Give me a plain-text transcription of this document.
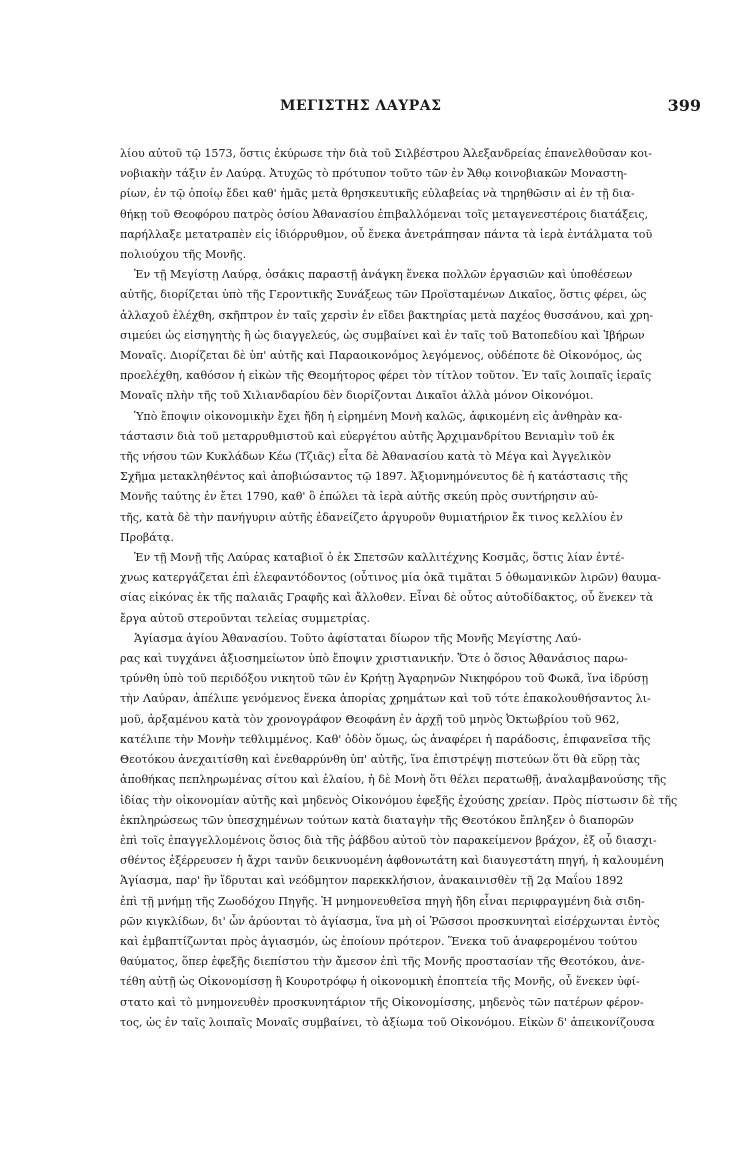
ΜΕΓΙΣΤΗΣ ΛΑΥΡΑΣ	399
λίου αὐτοῦ τῷ 1573, ὅστις ἐκύρωσε τὴν διὰ τοῦ Σιλβέστρου Ἀλεξανδρείας ἐπανελθοῦσαν κοι-
νοβιακὴν τάξιν ἐν Λαύρᾳ. Ἀτυχῶς τὸ πρότυπον τοῦτο τῶν ἐν Ἄθῳ κοινοβιακῶν Μοναστη-
ρίων, ἐν τῷ ὁποίῳ ἔδει καθ' ἡμᾶς μετὰ θρησκευτικῆς εὐλαβείας νὰ τηρηθῶσιν αἱ ἐν τῇ δια-
θήκῃ τοῦ Θεοφόρου πατρὸς ὁσίου Ἀθανασίου ἐπιβαλλόμεναι τοῖς μεταγενεστέροις διατάξεις,
παρήλλαξε μετατραπὲν εἰς ἰδιόρρυθμον, οὗ ἕνεκα ἀνετράπησαν πάντα τὰ ἱερὰ ἐντάλματα τοῦ
πολιούχου τῆς Μονῆς.
Ἐν τῇ Μεγίστῃ Λαύρᾳ, ὁσάκις παραστῇ ἀνάγκη ἕνεκα πολλῶν ἐργασιῶν καὶ ὑποθέσεων
αὐτῆς, διορίζεται ὑπὸ τῆς Γεροντικῆς Συνάξεως τῶν Προϊσταμένων Δικαῖος, ὅστις φέρει, ὡς
ἀλλαχοῦ ἐλέχθη, σκῆπτρον ἐν ταῖς χερσὶν ἐν εἴδει βακτηρίας μετὰ παχέος θυσσάνου, καὶ χρη-
σιμεύει ὡς εἰσηγητὴς ἢ ὡς διαγγελεύς, ὡς συμβαίνει καὶ ἐν ταῖς τοῦ Βατοπεδίου καὶ Ἰβήρων
Μοναῖς. Διορίζεται δὲ ὑπ' αὐτῆς καὶ Παραοικονόμος λεγόμενος, οὐδέποτε δὲ Οἰκονόμος, ὡς
προελέχθη, καθόσον ἡ εἰκὼν τῆς Θεομήτορος φέρει τὸν τίτλον τοῦτον. Ἐν ταῖς λοιπαῖς ἱεραῖς
Μοναῖς πλὴν τῆς τοῦ Χιλιανδαρίου δὲν διορίζονται Δικαῖοι ἀλλὰ μόνον Οἰκονόμοι.
Ὑπὸ ἔποψιν οἰκονομικὴν ἔχει ἤδη ἡ εἰρημένη Μονὴ καλῶς, ἀφικομένη εἰς ἀνθηρὰν κα-
τάστασιν διὰ τοῦ μεταρρυθμιστοῦ καὶ εὐεργέτου αὐτῆς Ἀρχιμανδρίτου Βενιαμὶν τοῦ ἐκ
τῆς νήσου τῶν Κυκλάδων Κέω (Τζιᾶς) εἶτα δὲ Ἀθανασίου κατὰ τὸ Μέγα καὶ Ἀγγελικὸν
Σχῆμα μετακληθέντος καὶ ἀποβιώσαντος τῷ 1897. Ἀξιομνημόνευτος δὲ ἡ κατάστασις τῆς
Μονῆς ταύτης ἐν ἔτει 1790, καθ' ὃ ἐπώλει τὰ ἱερὰ αὐτῆς σκεύη πρὸς συντήρησιν αὐ-
τῆς, κατὰ δὲ τὴν πανήγυριν αὐτῆς ἐδανείζετο ἀργυροῦν θυμιατήριον ἔκ τινος κελλίου ἐν
Προβάτᾳ.
Ἐν τῇ Μονῇ τῆς Λαύρας καταβιοῖ ὁ ἐκ Σπετσῶν καλλιτέχνης Κοσμᾶς, ὅστις λίαν ἐντέ-
χνως κατεργάζεται ἐπὶ ἐλεφαντόδοντος (οὗτινος μία ὀκᾶ τιμᾶται 5 ὀθωμανικῶν λιρῶν) θαυμα-
σίας εἰκόνας ἐκ τῆς παλαιᾶς Γραφῆς καὶ ἄλλοθεν. Εἶναι δὲ οὗτος αὐτοδίδακτος, οὗ ἕνεκεν τὰ
ἔργα αὐτοῦ στεροῦνται τελείας συμμετρίας.
Ἁγίασμα ἁγίου Ἀθανασίου. Τοῦτο ἀφίσταται δίωρον τῆς Μονῆς Μεγίστης Λαύ-
ρας καὶ τυγχάνει ἀξιοσημείωτον ὑπὸ ἔποψιν χριστιανικήν. Ὅτε ὁ ὅσιος Ἀθανάσιος παρω-
τρύνθη ὑπὸ τοῦ περιδόξου νικητοῦ τῶν ἐν Κρήτῃ Ἀγαρηνῶν Νικηφόρου τοῦ Φωκᾶ, ἵνα ἱδρύσῃ
τὴν Λαύραν, ἀπέλιπε γενόμενος ἕνεκα ἀπορίας χρημάτων καὶ τοῦ τότε ἐπακολουθήσαντος λι-
μοῦ, ἀρξαμένου κατὰ τὸν χρονογράφον Θεοφάνη ἐν ἀρχῇ τοῦ μηνὸς Ὀκτωβρίου τοῦ 962,
κατέλιπε τὴν Μονὴν τεθλιμμένος. Καθ' ὁδὸν ὅμως, ὡς ἀναφέρει ἡ παράδοσις, ἐπιφανεῖσα τῆς
Θεοτόκου ἀνεχαιτίσθη καὶ ἐνεθαρρύνθη ὑπ' αὐτῆς, ἵνα ἐπιστρέψῃ πιστεύων ὅτι θὰ εὕρῃ τὰς
ἀποθήκας πεπληρωμένας σίτου καὶ ἐλαίου, ἡ δὲ Μονὴ ὅτι θέλει περατωθῇ, ἀναλαμβανούσης τῆς
ἰδίας τὴν οἰκονομίαν αὐτῆς καὶ μηδενὸς Οἰκονόμου ἐφεξῆς ἐχούσης χρείαν. Πρὸς πίστωσιν δὲ τῆς
ἐκπληρώσεως τῶν ὑπεσχημένων τούτων κατὰ διαταγὴν τῆς Θεοτόκου ἔπληξεν ὁ διαπορῶν
ἐπὶ τοῖς ἐπαγγελλομένοις ὅσιος διὰ τῆς ῥάβδου αὐτοῦ τὸν παρακείμενον βράχον, ἐξ οὗ διασχι-
σθέντος ἐξέρρευσεν ἡ ἄχρι τανῦν δεικνυομένη ἀφθονωτάτη καὶ διαυγεστάτη πηγή, ἡ καλουμένη
Ἁγίασμα, παρ' ἣν ἵδρυται καὶ νεόδμητον παρεκκλήσιον, ἀνακαινισθὲν τῇ 2ᾳ Μαΐου 1892
ἐπὶ τῇ μνήμῃ τῆς Ζωοδόχου Πηγῆς. Ἡ μνημονευθεῖσα πηγὴ ἤδη εἶναι περιφραγμένη διὰ σιδη-
ρῶν κιγκλίδων, δι' ὧν ἀρύονται τὸ ἁγίασμα, ἵνα μὴ οἱ Ῥῶσσοι προσκυνηταὶ εἰσέρχωνται ἐντὸς
καὶ ἐμβαπτίζωνται πρὸς ἁγιασμόν, ὡς ἐποίουν πρότερον. Ἕνεκα τοῦ ἀναφερομένου τούτου
θαύματος, ὅπερ ἐφεξῆς διεπίστου τὴν ἄμεσον ἐπὶ τῆς Μονῆς προστασίαν τῆς Θεοτόκου, ἀνε-
τέθη αὐτῇ ὡς Οἰκονομίσσῃ ἢ Κουροτρόφῳ ἡ οἰκονομικὴ ἐποπτεία τῆς Μονῆς, οὗ ἕνεκεν ὑφί-
στατο καὶ τὸ μνημονευθὲν προσκυνητάριον τῆς Οἰκονομίσσης, μηδενὸς τῶν πατέρων φέρον-
τος, ὡς ἐν ταῖς λοιπαῖς Μοναῖς συμβαίνει, τὸ ἀξίωμα τοῦ Οἰκονόμου. Εἰκὼν δ' ἀπεικονίζουσα
